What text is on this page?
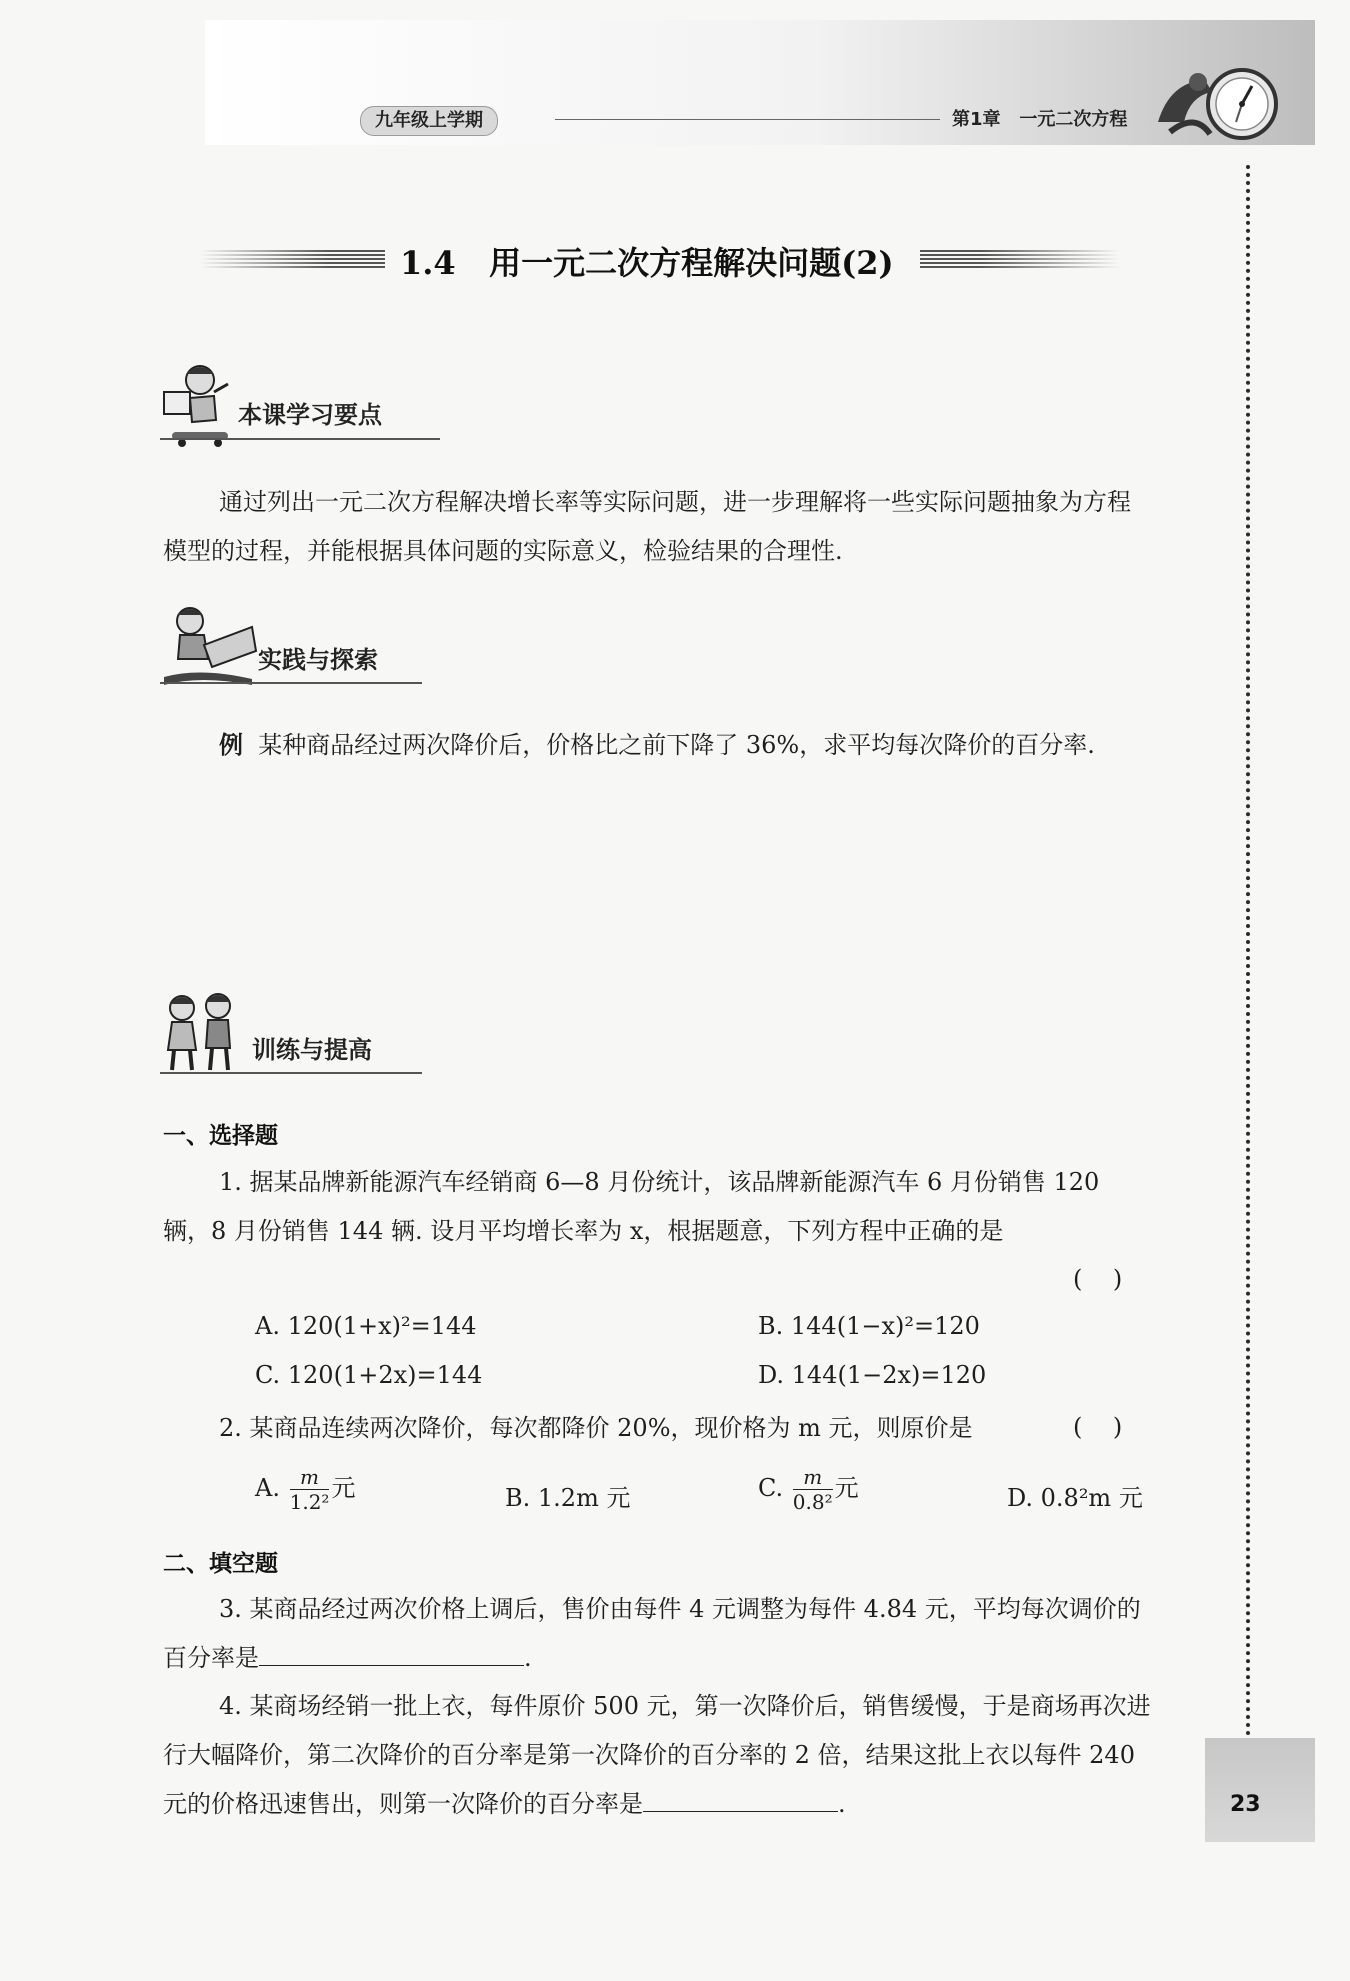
九年级上学期	第1章   一元二次方程
23
1.4   用一元二次方程解决问题(2)
本课学习要点
通过列出一元二次方程解决增长率等实际问题，进一步理解将一些实际问题抽象为方程模型的过程，并能根据具体问题的实际意义，检验结果的合理性.
实践与探索
例 某种商品经过两次降价后，价格比之前下降了 36%，求平均每次降价的百分率.
训练与提高
一、选择题
1. 据某品牌新能源汽车经销商 6—8 月份统计，该品牌新能源汽车 6 月份销售 120 辆，8 月份销售 144 辆. 设月平均增长率为 x，根据题意，下列方程中正确的是
(    )
A. 120(1+x)²=144	B. 144(1−x)²=120
C. 120(1+2x)=144	D. 144(1−2x)=120
2. 某商品连续两次降价，每次都降价 20%，现价格为 m 元，则原价是	(    )
A. $\frac{m}{\text{1.2²}}$ 元	B. 1.2m 元	C. $\frac{m}{\text{0.8²}}$ 元	D. 0.8²m 元
二、填空题
3. 某商品经过两次价格上调后，售价由每件 4 元调整为每件 4.84 元，平均每次调价的百分率是	.
4. 某商场经销一批上衣，每件原价 500 元，第一次降价后，销售缓慢，于是商场再次进行大幅降价，第二次降价的百分率是第一次降价的百分率的 2 倍，结果这批上衣以每件 240 元的价格迅速售出，则第一次降价的百分率是	.
